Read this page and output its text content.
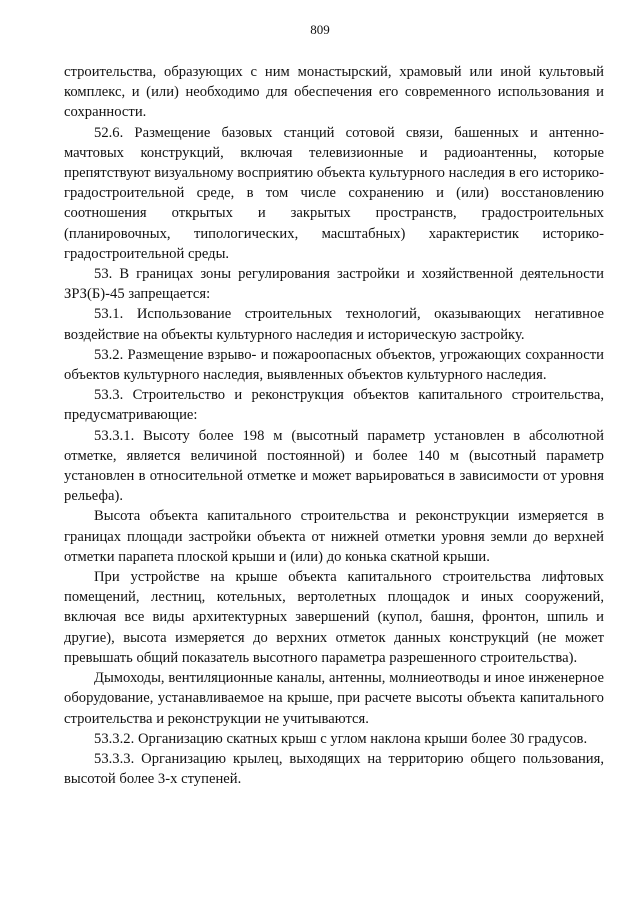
809

строительства, образующих с ним монастырский, храмовый или иной культовый комплекс, и (или) необходимо для обеспечения его современного использования и сохранности.

52.6. Размещение базовых станций сотовой связи, башенных и антенно-мачтовых конструкций, включая телевизионные и радиоантенны, которые препятствуют визуальному восприятию объекта культурного наследия в его историко-градостроительной среде, в том числе сохранению и (или) восстановлению соотношения открытых и закрытых пространств, градостроительных (планировочных, типологических, масштабных) характеристик историко-градостроительной среды.

53. В границах зоны регулирования застройки и хозяйственной деятельности ЗРЗ(Б)-45 запрещается:

53.1. Использование строительных технологий, оказывающих негативное воздействие на объекты культурного наследия и историческую застройку.

53.2. Размещение взрыво- и пожароопасных объектов, угрожающих сохранности объектов культурного наследия, выявленных объектов культурного наследия.

53.3. Строительство и реконструкция объектов капитального строительства, предусматривающие:

53.3.1. Высоту более 198 м (высотный параметр установлен в абсолютной отметке, является величиной постоянной) и более 140 м (высотный параметр установлен в относительной отметке и может варьироваться в зависимости от уровня рельефа).

Высота объекта капитального строительства и реконструкции измеряется в границах площади застройки объекта от нижней отметки уровня земли до верхней отметки парапета плоской крыши и (или) до конька скатной крыши.

При устройстве на крыше объекта капитального строительства лифтовых помещений, лестниц, котельных, вертолетных площадок и иных сооружений, включая все виды архитектурных завершений (купол, башня, фронтон, шпиль и другие), высота измеряется до верхних отметок данных конструкций (не может превышать общий показатель высотного параметра разрешенного строительства).

Дымоходы, вентиляционные каналы, антенны, молниеотводы и иное инженерное оборудование, устанавливаемое на крыше, при расчете высоты объекта капитального строительства и реконструкции не учитываются.

53.3.2. Организацию скатных крыш с углом наклона крыши более 30 градусов.

53.3.3. Организацию крылец, выходящих на территорию общего пользования, высотой более 3-х ступеней.
